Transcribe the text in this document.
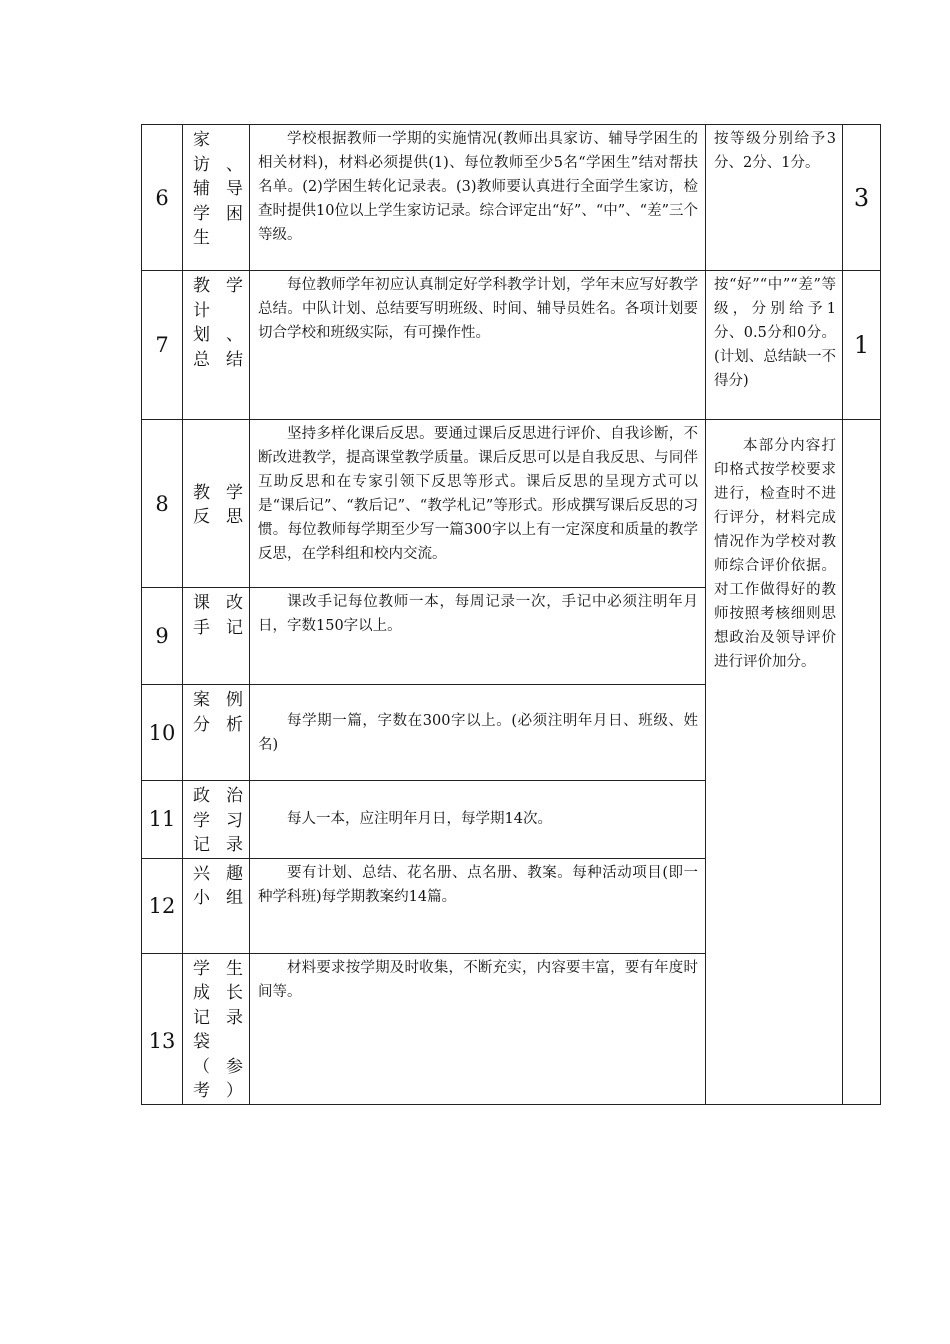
6	家访、辅导学困生	学校根据教师一学期的实施情况(教师出具家访、辅导学困生的相关材料)，材料必须提供(1)、每位教师至少5名“学困生”结对帮扶名单。(2)学困生转化记录表。(3)教师要认真进行全面学生家访，检查时提供10位以上学生家访记录。综合评定出“好”、“中”、“差”三个等级。	按等级分别给予3分、2分、1分。	3
7	教学计划、总结	每位教师学年初应认真制定好学科教学计划，学年末应写好教学总结。中队计划、总结要写明班级、时间、辅导员姓名。各项计划要切合学校和班级实际，有可操作性。	按“好”“中”“差”等级，分别给予1分、0.5分和0分。(计划、总结缺一不得分)	1
8	教学反思	坚持多样化课后反思。要通过课后反思进行评价、自我诊断，不断改进教学，提高课堂教学质量。课后反思可以是自我反思、与同伴互助反思和在专家引领下反思等形式。课后反思的呈现方式可以是“课后记”、“教后记”、“教学札记”等形式。形成撰写课后反思的习惯。每位教师每学期至少写一篇300字以上有一定深度和质量的教学反思，在学科组和校内交流。	本部分内容打印格式按学校要求进行，检查时不进行评分，材料完成情况作为学校对教师综合评价依据。对工作做得好的教师按照考核细则思想政治及领导评价进行评价加分。	
9	课改手记	课改手记每位教师一本，每周记录一次，手记中必须注明年月日，字数150字以上。		
10	案例分析	每学期一篇，字数在300字以上。(必须注明年月日、班级、姓名)		
11	政治学习记录	每人一本，应注明年月日，每学期14次。		
12	兴趣小组	要有计划、总结、花名册、点名册、教案。每种活动项目(即一种学科班)每学期教案约14篇。		
13	学生成长记录袋（参考）	材料要求按学期及时收集，不断充实，内容要丰富，要有年度时间等。		
